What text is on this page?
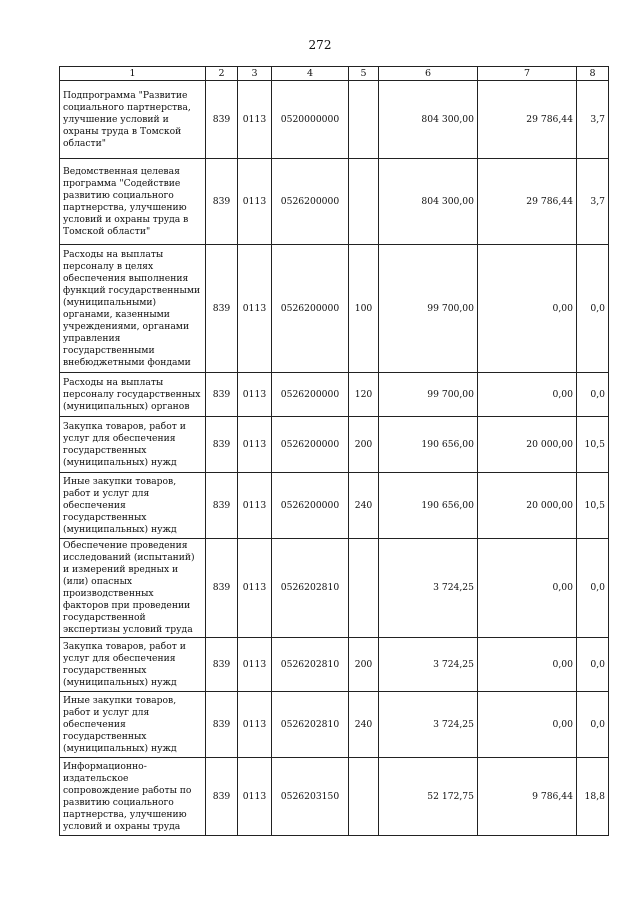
272
1	2	3	4	5	6	7	8
Подпрограмма "Развитие социального партнерства, улучшение условий и охраны труда в Томской области"	839	0113	0520000000		804 300,00	29 786,44	3,7
Ведомственная целевая программа "Содействие развитию социального партнерства, улучшению условий и охраны труда в Томской области"	839	0113	0526200000		804 300,00	29 786,44	3,7
Расходы на выплаты персоналу в целях обеспечения выполнения функций государственными (муниципальными) органами, казенными учреждениями, органами управления государственными внебюджетными фондами	839	0113	0526200000	100	99 700,00	0,00	0,0
Расходы на выплаты персоналу государственных (муниципальных) органов	839	0113	0526200000	120	99 700,00	0,00	0,0
Закупка товаров, работ и услуг для обеспечения государственных (муниципальных) нужд	839	0113	0526200000	200	190 656,00	20 000,00	10,5
Иные закупки товаров, работ и услуг для обеспечения государственных (муниципальных) нужд	839	0113	0526200000	240	190 656,00	20 000,00	10,5
Обеспечение проведения исследований (испытаний) и измерений вредных и (или) опасных производственных факторов при проведении государственной экспертизы условий труда	839	0113	0526202810		3 724,25	0,00	0,0
Закупка товаров, работ и услуг для обеспечения государственных (муниципальных) нужд	839	0113	0526202810	200	3 724,25	0,00	0,0
Иные закупки товаров, работ и услуг для обеспечения государственных (муниципальных) нужд	839	0113	0526202810	240	3 724,25	0,00	0,0
Информационно-издательское сопровождение работы по развитию социального партнерства, улучшению условий и охраны труда	839	0113	0526203150		52 172,75	9 786,44	18,8
